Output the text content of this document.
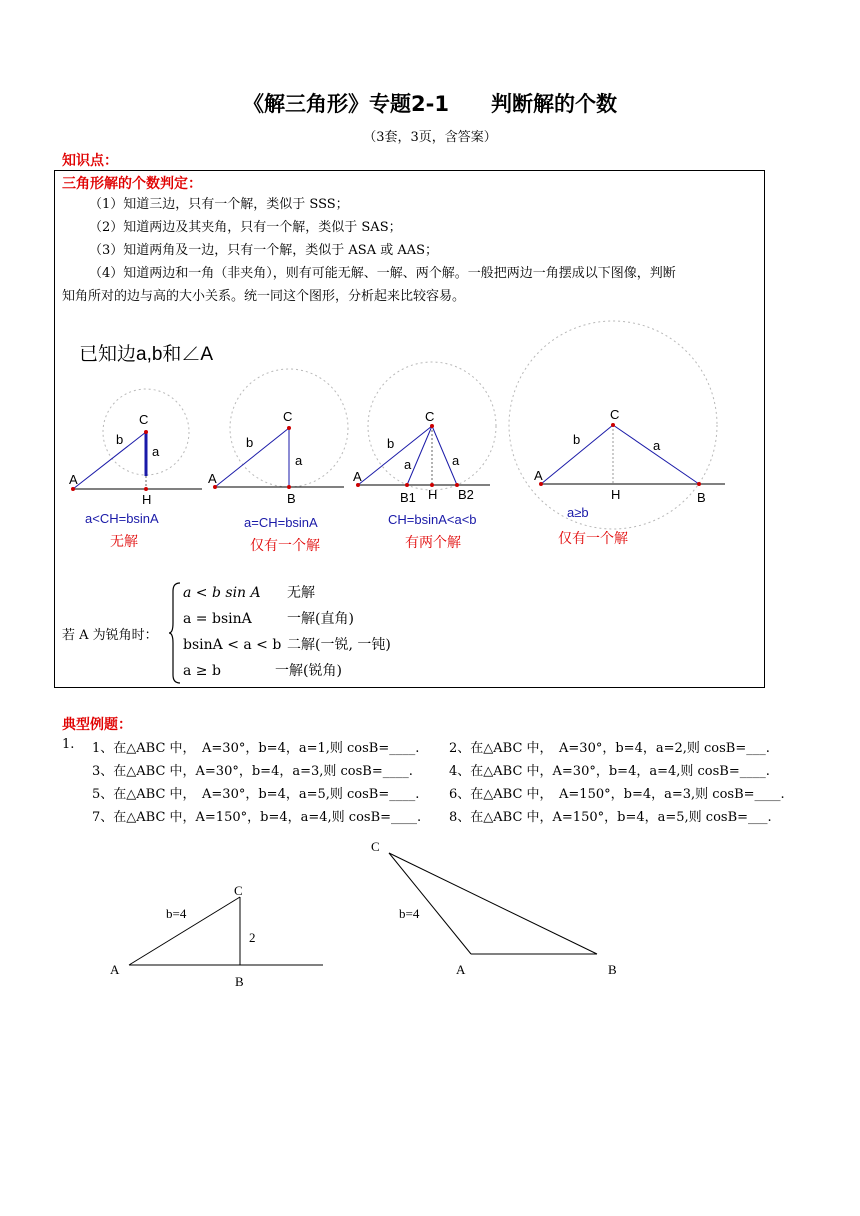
《解三角形》专题2-1　　判断解的个数
（3套，3页，含答案）
知识点：
三角形解的个数判定：
（1）知道三边，只有一个解，类似于 SSS；
（2）知道两边及其夹角，只有一个解，类似于 SAS；
（3）知道两角及一边，只有一个解，类似于 ASA 或 AAS；
（4）知道两边和一角（非夹角），则有可能无解、一解、两个解。一般把两边一角摆成以下图像，判断
知角所对的边与高的大小关系。统一同这个图形，分析起来比较容易。
已知边a,b和∠A
C
b
a
A
H
a<CH=bsinA
无解
C
b
a
A
B
a=CH=bsinA
仅有一个解
C
b
a	a
A
B1 H B2
CH=bsinA<a<b
有两个解
C
b	a
A
H	B
a≥b
仅有一个解
若 A 为锐角时：
a < b sin A 无解
a = bsinA	一解(直角)
bsinA < a < b 二解(一锐, 一钝)
a ≥ b	一解(锐角)
典型例题：
1. 1、在△ABC 中，　A=30°，b=4，a=1,则 cosB=____. 2、在△ABC 中，　A=30°，b=4，a=2,则 cosB=___.
3、在△ABC 中，A=30°，b=4，a=3,则 cosB=____.	4、在△ABC 中，A=30°，b=4，a=4,则 cosB=____.
5、在△ABC 中，　A=30°，b=4，a=5,则 cosB=____. 6、在△ABC 中，　A=150°，b=4，a=3,则 cosB=____.
7、在△ABC 中，A=150°，b=4，a=4,则 cosB=____. 8、在△ABC 中，A=150°，b=4，a=5,则 cosB=___.
C
b=4
2
A
B
C
b=4
A	B
